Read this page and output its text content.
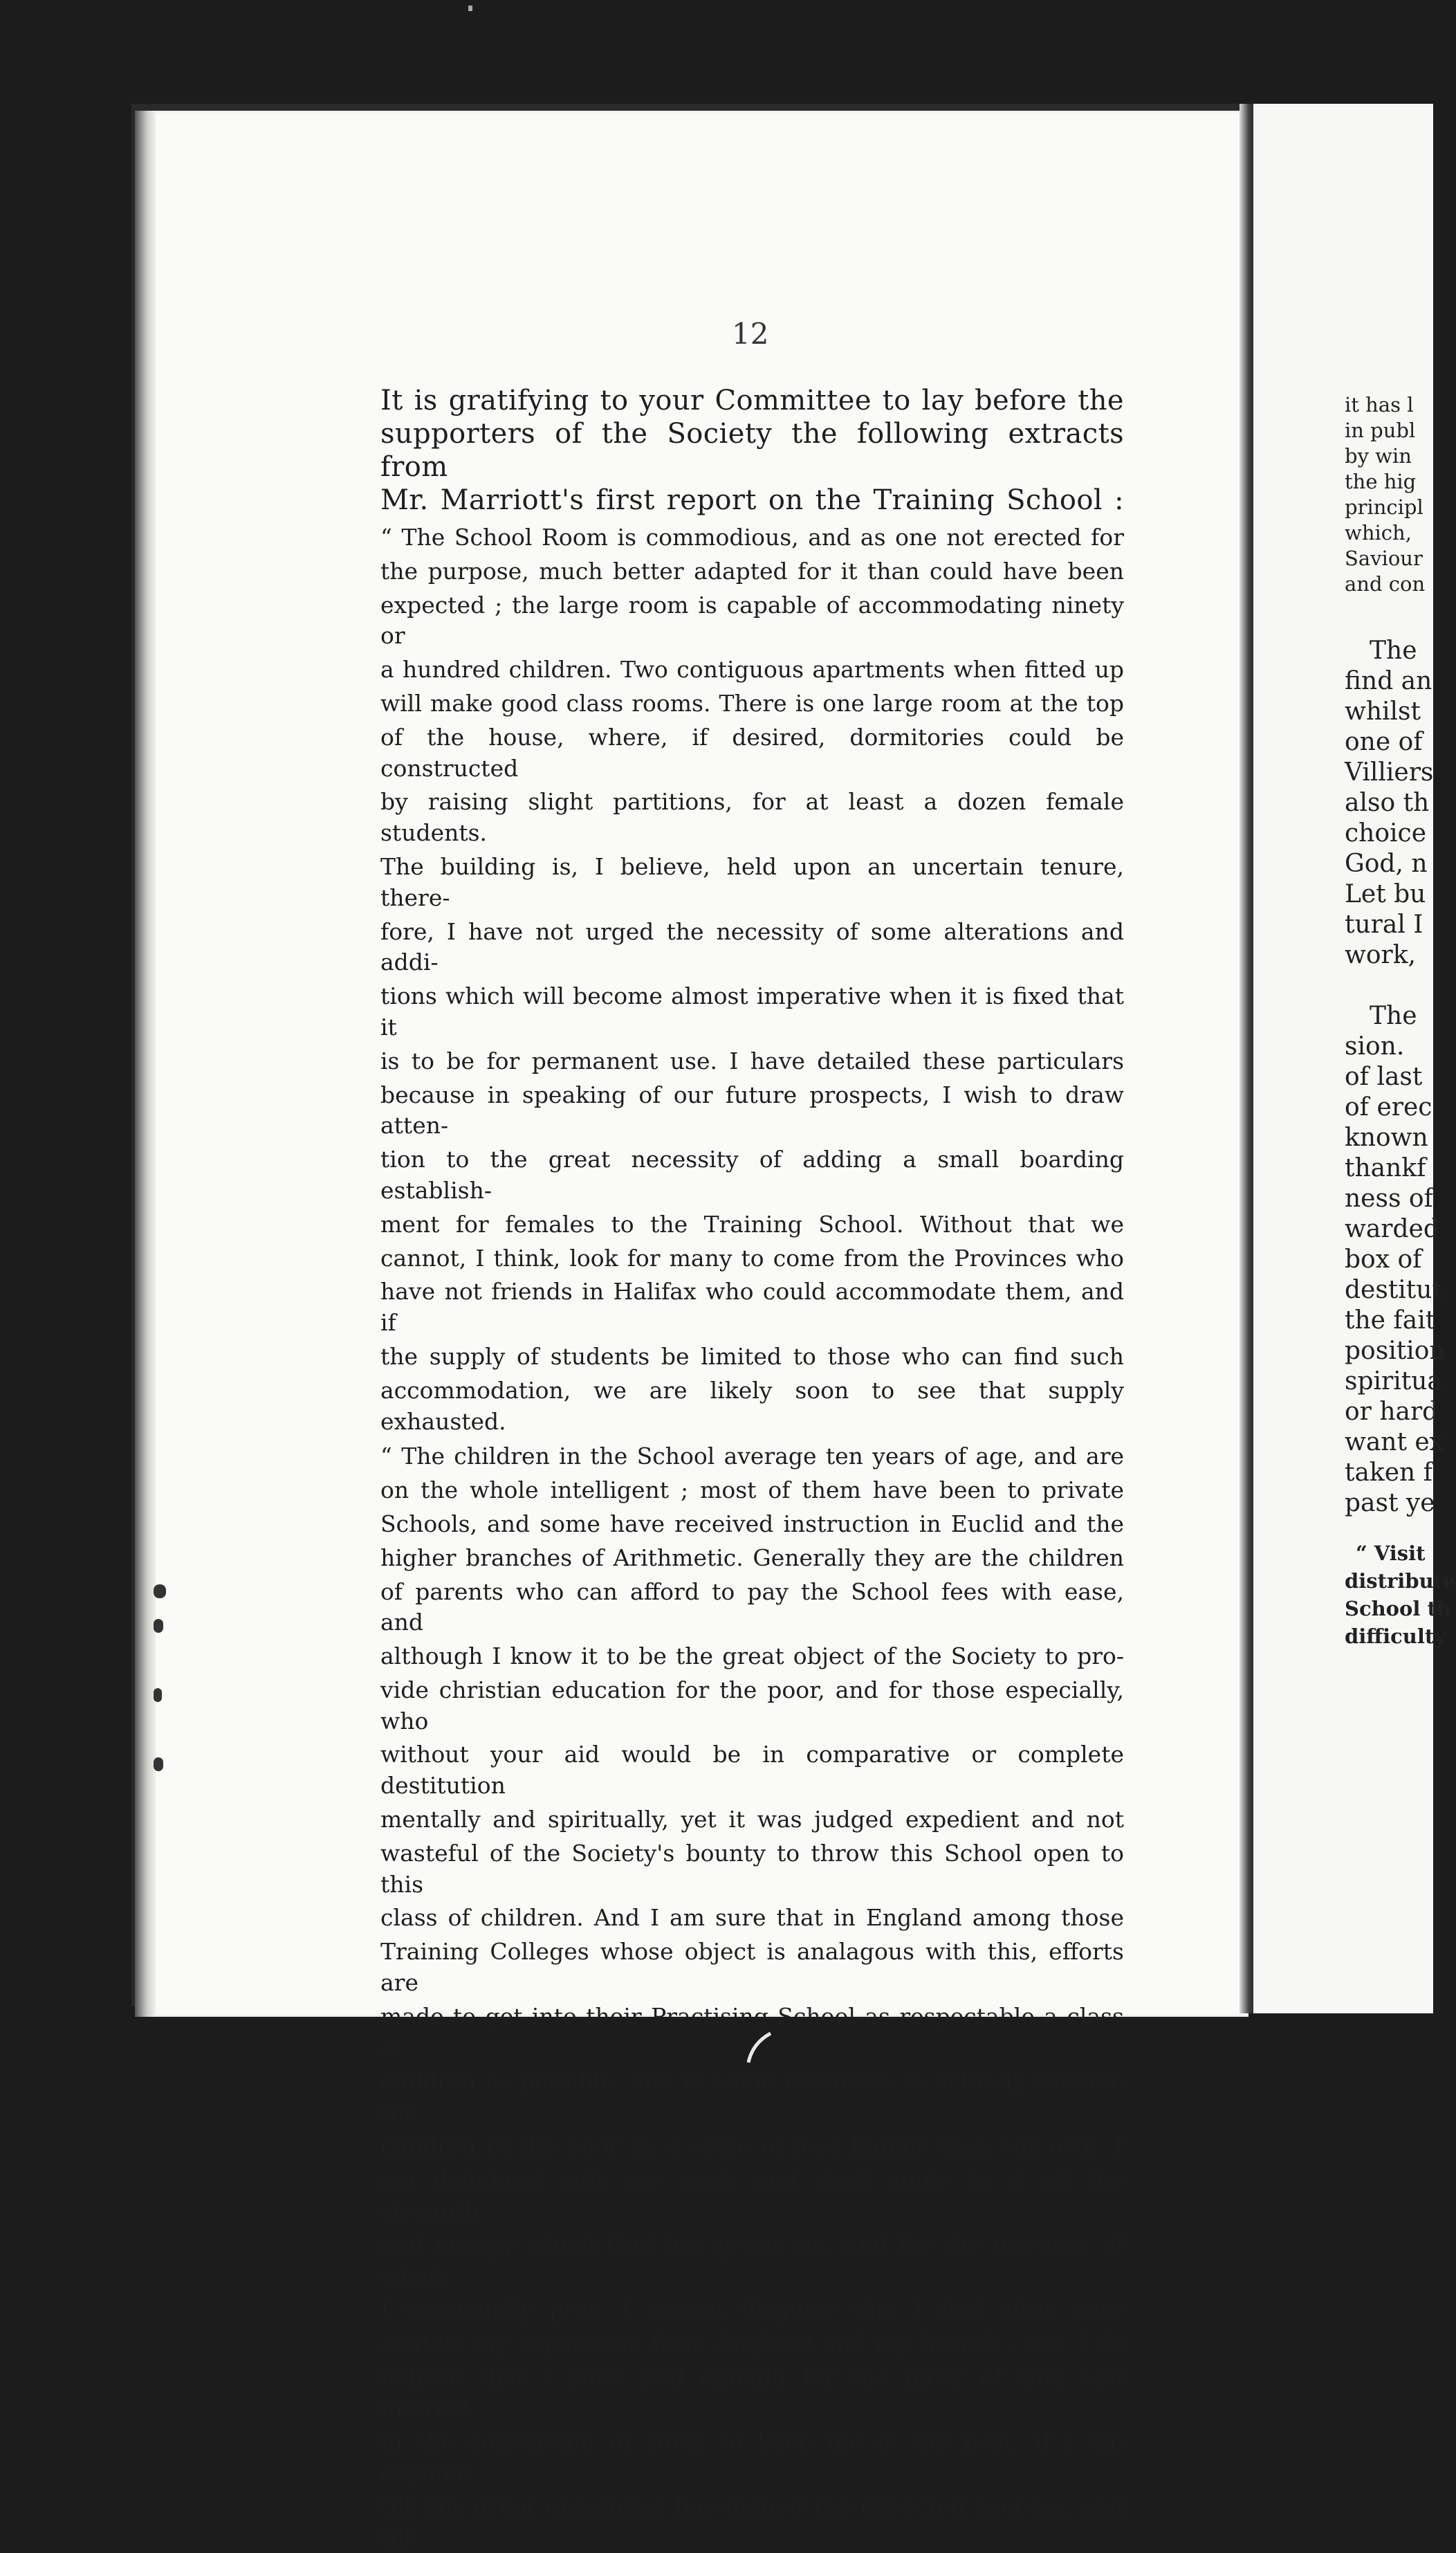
12

It is gratifying to your Committee to lay before the

supporters of the Society the following extracts from

Mr. Marriott's first report on the Training School :

“ The School Room is commodious, and as one not erected for

the purpose, much better adapted for it than could have been

expected ; the large room is capable of accommodating ninety or

a hundred children. Two contiguous apartments when fitted up

will make good class rooms. There is one large room at the top

of the house, where, if desired, dormitories could be constructed

by raising slight partitions, for at least a dozen female students.

The building is, I believe, held upon an uncertain tenure, there-

fore, I have not urged the necessity of some alterations and addi-

tions which will become almost imperative when it is fixed that it

is to be for permanent use. I have detailed these particulars

because in speaking of our future prospects, I wish to draw atten-

tion to the great necessity of adding a small boarding establish-

ment for females to the Training School. Without that we

cannot, I think, look for many to come from the Provinces who

have not friends in Halifax who could accommodate them, and if

the supply of students be limited to those who can find such

accommodation, we are likely soon to see that supply exhausted.

“ The children in the School average ten years of age, and are

on the whole intelligent ; most of them have been to private

Schools, and some have received instruction in Euclid and the

higher branches of Arithmetic. Generally they are the children

of parents who can afford to pay the School fees with ease, and

although I know it to be the great object of the Society to pro-

vide christian education for the poor, and for those especially, who

without your aid would be in comparative or complete destitution

mentally and spiritually, yet it was judged expedient and not

wasteful of the Society's bounty to throw this School open to this

class of children. And I am sure that in England among those

Training Colleges whose object is analagous with this, efforts are

made to get into their Practising School as respectable a class of

children as possible, and in some instances to actually exclude the

children of the poor by a scale of fees higher than our own. I

am delighted with my work and shall apply to it all the strength

and energy which God has given me, and for the increase of which

I continually pray. I cannot disguise that I feel often very

acutely my separation from England and my friends ; but I do

believe that I have zeal enough for the glory of God and interest

in the conversion of souls to keep me at my post, if I am capable,

till this great enterprise has gained the expected success, and till

it has l
in publ
by win
the hig
principl
which,
Saviour
and con
The
find an
whilst
one of
Villiers
also th
choice
God, n
Let bu
tural I
work,
The
sion.
of last
of erec
known
thankf
ness of
warded
box of
destitut
the fait
position
spiritua
or hard
want ex
taken f
past ye
“ Visit
distribute
School th
difficulty
